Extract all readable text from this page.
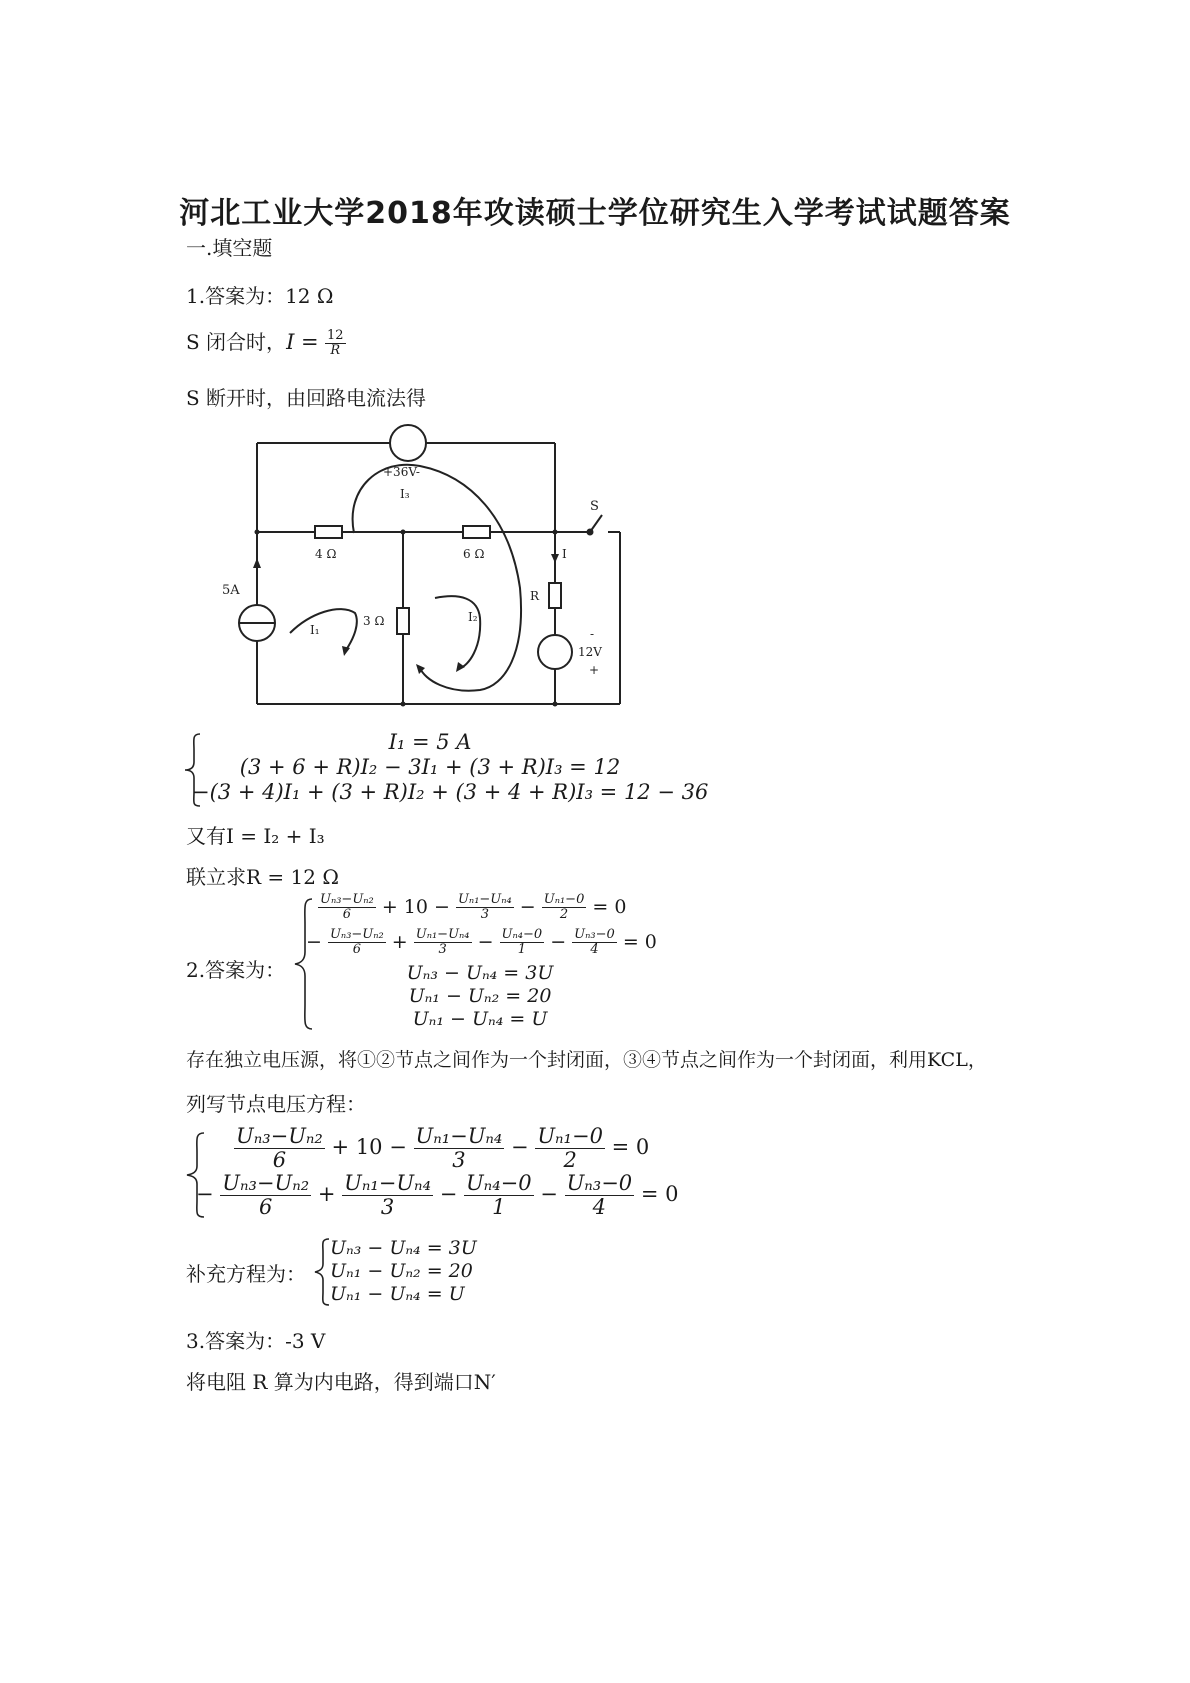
河北工业大学2018年攻读硕士学位研究生入学考试试题答案
一.填空题
1.答案为：12 Ω
S 闭合时，$I = \frac{12}{R}$
S 断开时，由回路电流法得
+36V-
I₃
S
4 Ω	6 Ω	I
5A	R
3 Ω
I₁
I₂
-
12V
+
I₁ = 5 A
(3 + 6 + R)I₂ − 3I₁ + (3 + R)I₃ = 12
−(3 + 4)I₁ + (3 + R)I₂ + (3 + 4 + R)I₃ = 12 − 36
又有I = I₂ + I₃
联立求R = 12 Ω
2.答案为：
$\frac{\text{Uₙ₃−Uₙ₂}}{6} + 10 - \frac{\text{Uₙ₁−Uₙ₄}}{3} - \frac{\text{Uₙ₁−0}}{2} = 0$
− $\frac{\text{Uₙ₃−Uₙ₂}}{6} + \frac{\text{Uₙ₁−Uₙ₄}}{3} - \frac{\text{Uₙ₄−0}}{1} - \frac{\text{Uₙ₃−0}}{4} = 0$
Uₙ₃ − Uₙ₄ = 3U
Uₙ₁ − Uₙ₂ = 20
Uₙ₁ − Uₙ₄ = U
存在独立电压源，将①②节点之间作为一个封闭面，③④节点之间作为一个封闭面，利用KCL，
列写节点电压方程：
$\frac{\text{Uₙ₃−Uₙ₂}}{6} + 10 - \frac{\text{Uₙ₁−Uₙ₄}}{3} - \frac{\text{Uₙ₁−0}}{2} = 0$
− $\frac{\text{Uₙ₃−Uₙ₂}}{6} + \frac{\text{Uₙ₁−Uₙ₄}}{3} - \frac{\text{Uₙ₄−0}}{1} - \frac{\text{Uₙ₃−0}}{4} = 0$
补充方程为：
Uₙ₃ − Uₙ₄ = 3U
Uₙ₁ − Uₙ₂ = 20
Uₙ₁ − Uₙ₄ = U
3.答案为：-3 V
将电阻 R 算为内电路，得到端口N′
